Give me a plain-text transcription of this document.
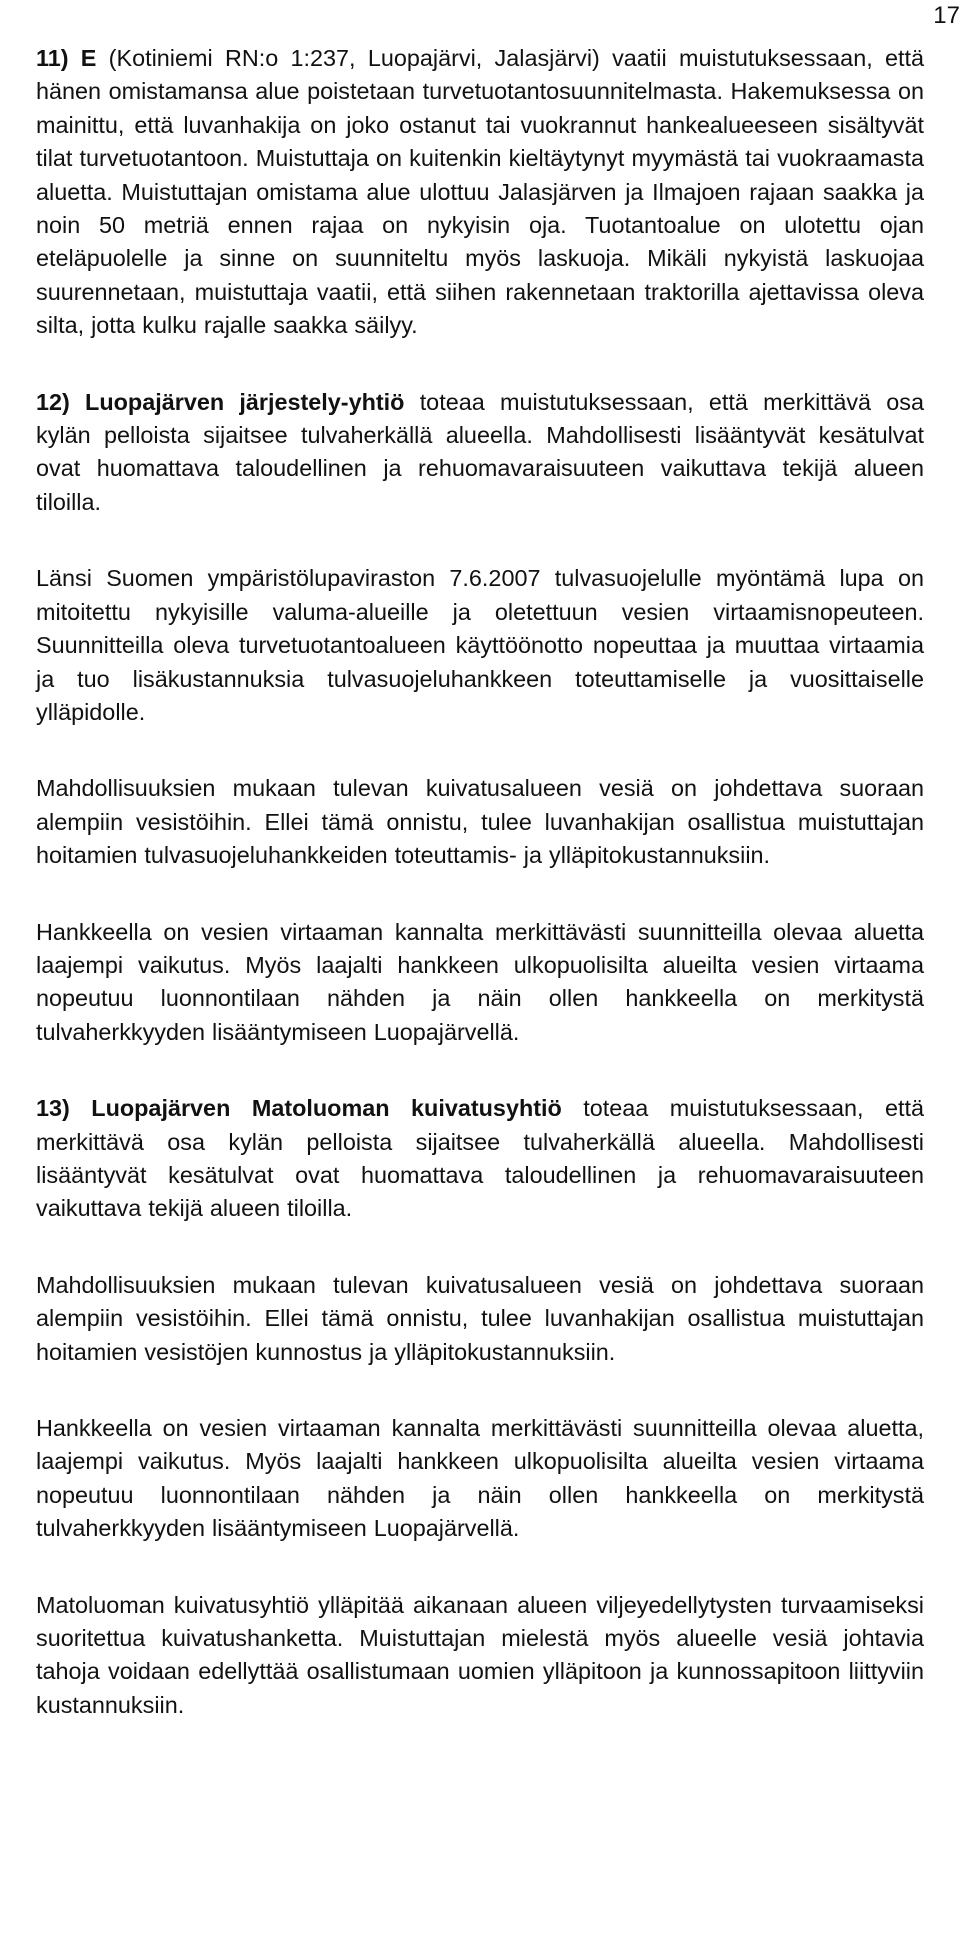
17

11) E (Kotiniemi RN:o 1:237, Luopajärvi, Jalasjärvi) vaatii muistutuksessaan, että hänen omistamansa alue poistetaan turvetuotantosuunnitelmasta. Hakemuksessa on mainittu, että luvanhakija on joko ostanut tai vuokrannut hankealueeseen sisältyvät tilat turvetuotantoon. Muistuttaja on kuitenkin kieltäytynyt myymästä tai vuokraamasta aluetta. Muistuttajan omistama alue ulottuu Jalasjärven ja Ilmajoen rajaan saakka ja noin 50 metriä ennen rajaa on nykyisin oja. Tuotantoalue on ulotettu ojan eteläpuolelle ja sinne on suunniteltu myös laskuoja. Mikäli nykyistä laskuojaa suurennetaan, muistuttaja vaatii, että siihen rakennetaan traktorilla ajettavissa oleva silta, jotta kulku rajalle saakka säilyy.

12) Luopajärven järjestely-yhtiö toteaa muistutuksessaan, että merkittävä osa kylän pelloista sijaitsee tulvaherkällä alueella. Mahdollisesti lisääntyvät kesätulvat ovat huomattava taloudellinen ja rehuomavaraisuuteen vaikuttava tekijä alueen tiloilla.

Länsi Suomen ympäristölupaviraston 7.6.2007 tulvasuojelulle myöntämä lupa on mitoitettu nykyisille valuma-alueille ja oletettuun vesien virtaamisnopeuteen. Suunnitteilla oleva turvetuotantoalueen käyttöönotto nopeuttaa ja muuttaa virtaamia ja tuo lisäkustannuksia tulvasuojeluhankkeen toteuttamiselle ja vuosittaiselle ylläpidolle.

Mahdollisuuksien mukaan tulevan kuivatusalueen vesiä on johdettava suoraan alempiin vesistöihin. Ellei tämä onnistu, tulee luvanhakijan osallistua muistuttajan hoitamien tulvasuojeluhankkeiden toteuttamis- ja ylläpitokustannuksiin.

Hankkeella on vesien virtaaman kannalta merkittävästi suunnitteilla olevaa aluetta laajempi vaikutus. Myös laajalti hankkeen ulkopuolisilta alueilta vesien virtaama nopeutuu luonnontilaan nähden ja näin ollen hankkeella on merkitystä tulvaherkkyyden lisääntymiseen Luopajärvellä.

13) Luopajärven Matoluoman kuivatusyhtiö toteaa muistutuksessaan, että merkittävä osa kylän pelloista sijaitsee tulvaherkällä alueella. Mahdollisesti lisääntyvät kesätulvat ovat huomattava taloudellinen ja rehuomavaraisuuteen vaikuttava tekijä alueen tiloilla.

Mahdollisuuksien mukaan tulevan kuivatusalueen vesiä on johdettava suoraan alempiin vesistöihin. Ellei tämä onnistu, tulee luvanhakijan osallistua muistuttajan hoitamien vesistöjen kunnostus ja ylläpitokustannuksiin.

Hankkeella on vesien virtaaman kannalta merkittävästi suunnitteilla olevaa aluetta, laajempi vaikutus. Myös laajalti hankkeen ulkopuolisilta alueilta vesien virtaama nopeutuu luonnontilaan nähden ja näin ollen hankkeella on merkitystä tulvaherkkyyden lisääntymiseen Luopajärvellä.

Matoluoman kuivatusyhtiö ylläpitää aikanaan alueen viljeyedellytysten turvaamiseksi suoritettua kuivatushanketta. Muistuttajan mielestä myös alueelle vesiä johtavia tahoja voidaan edellyttää osallistumaan uomien ylläpitoon ja kunnossapitoon liittyviin kustannuksiin.
